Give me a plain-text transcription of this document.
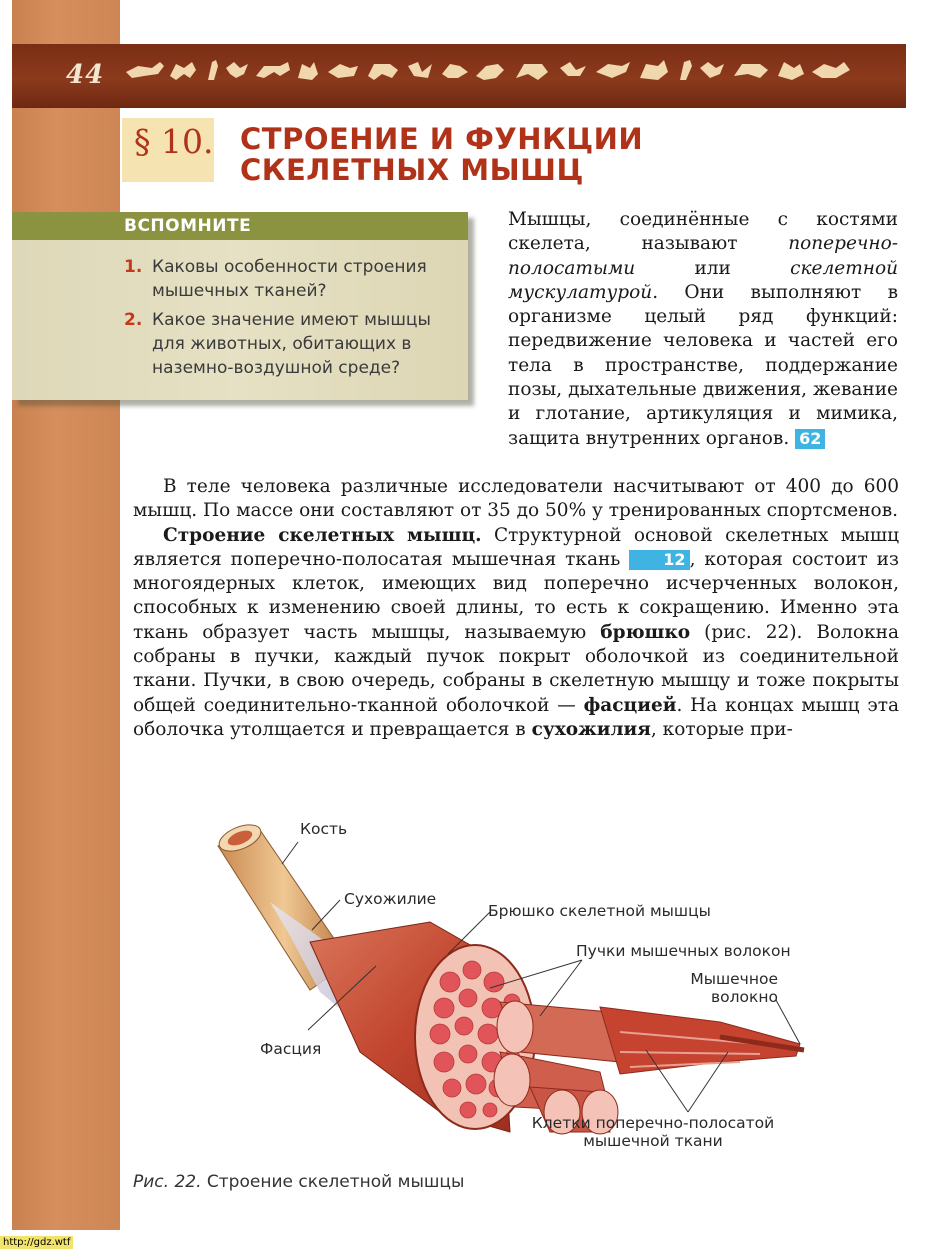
44
§ 10. СТРОЕНИЕ И ФУНКЦИИ
СКЕЛЕТНЫХ МЫШЦ
ВСПОМНИТЕ
1. Каковы особенности строения мышечных тканей?
2. Какое значение имеют мышцы для животных, обитающих в наземно-воздушной среде?

Мышцы, соединённые с костями скелета, называют поперечно-полосатыми или скелетной мускулатурой. Они выполняют в организме целый ряд функций: передвижение человека и частей его тела в пространстве, поддержание позы, дыхательные движения, жевание и глотание, артикуляция и мимика, защита внутренних органов. 62

В теле человека различные исследователи насчитывают от 400 до 600 мышц. По массе они составляют от 35 до 50% у тренированных спортсменов.

Строение скелетных мышц. Структурной основой скелетных мышц является поперечно-полосатая мышечная ткань 12 , которая состоит из многоядерных клеток, имеющих вид поперечно исчерченных волокон, способных к изменению своей длины, то есть к сокращению. Именно эта ткань образует часть мышцы, называемую брюшко (рис. 22). Волокна собраны в пучки, каждый пучок покрыт оболочкой из соединительной ткани. Пучки, в свою очередь, собраны в скелетную мышцу и тоже покрыты общей соединительно-тканной оболочкой — фасцией. На концах мышц эта оболочка утолщается и превращается в сухожилия, которые при-

Кость
Сухожилие
Брюшко скелетной мышцы
Пучки мышечных волокон
Мышечное
волокно
Фасция
Клетки поперечно-полосатой
мышечной ткани
Рис. 22. Строение скелетной мышцы
http://gdz.wtf
